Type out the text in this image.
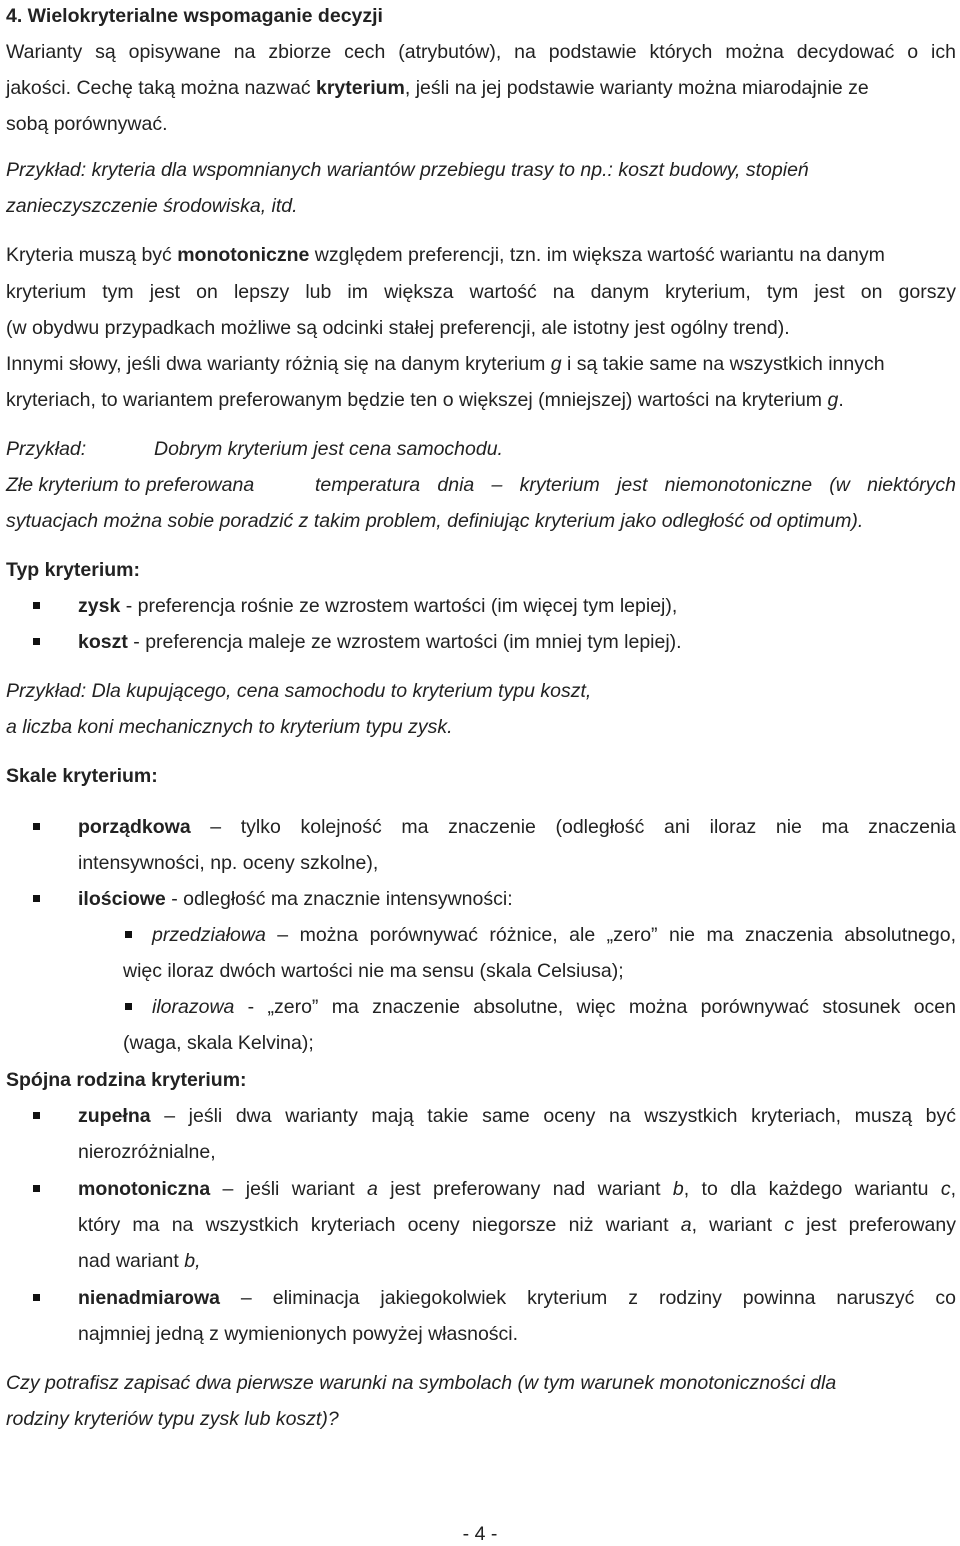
4. Wielokryterialne wspomaganie decyzji
Warianty są opisywane na zbiorze cech (atrybutów), na podstawie których można decydować o ich
jakości. Cechę taką można nazwać kryterium, jeśli na jej podstawie warianty można miarodajnie ze
sobą porównywać.
Przykład: kryteria dla wspomnianych wariantów przebiegu trasy to np.: koszt budowy, stopień
zanieczyszczenie środowiska, itd.
Kryteria muszą być monotoniczne względem preferencji, tzn. im większa wartość wariantu na danym
kryterium tym jest on lepszy lub im większa wartość na danym kryterium, tym jest on gorszy
(w obydwu przypadkach możliwe są odcinki stałej preferencji, ale istotny jest ogólny trend).
Innymi słowy, jeśli dwa warianty różnią się na danym kryterium g i są takie same na wszystkich innych
kryteriach, to wariantem preferowanym będzie ten o większej (mniejszej) wartości na kryterium g.
Przykład:	Dobrym kryterium jest cena samochodu.
Złe kryterium to preferowana	temperatura dnia – kryterium jest niemonotoniczne (w niektórych
sytuacjach można sobie poradzić z takim problem, definiując kryterium jako odległość od optimum).
Typ kryterium:
zysk - preferencja rośnie ze wzrostem wartości (im więcej tym lepiej),
koszt - preferencja maleje ze wzrostem wartości (im mniej tym lepiej).
Przykład: Dla kupującego, cena samochodu to kryterium typu koszt,
a liczba koni mechanicznych to kryterium typu zysk.
Skale kryterium:
porządkowa – tylko kolejność ma znaczenie (odległość ani iloraz nie ma znaczenia
intensywności, np. oceny szkolne),
ilościowe - odległość ma znacznie intensywności:
przedziałowa – można porównywać różnice, ale „zero” nie ma znaczenia absolutnego,
więc iloraz dwóch wartości nie ma sensu (skala Celsiusa);
ilorazowa - „zero” ma znaczenie absolutne, więc można porównywać stosunek ocen
(waga, skala Kelvina);
Spójna rodzina kryterium:
zupełna – jeśli dwa warianty mają takie same oceny na wszystkich kryteriach, muszą być
nierozróżnialne,
monotoniczna – jeśli wariant a jest preferowany nad wariant b, to dla każdego wariantu c,
który ma na wszystkich kryteriach oceny niegorsze niż wariant a, wariant c jest preferowany
nad wariant b,
nienadmiarowa – eliminacja jakiegokolwiek kryterium z rodziny powinna naruszyć co
najmniej jedną z wymienionych powyżej własności.
Czy potrafisz zapisać dwa pierwsze warunki na symbolach (w tym warunek monotoniczności dla
rodziny kryteriów typu zysk lub koszt)?
- 4 -
